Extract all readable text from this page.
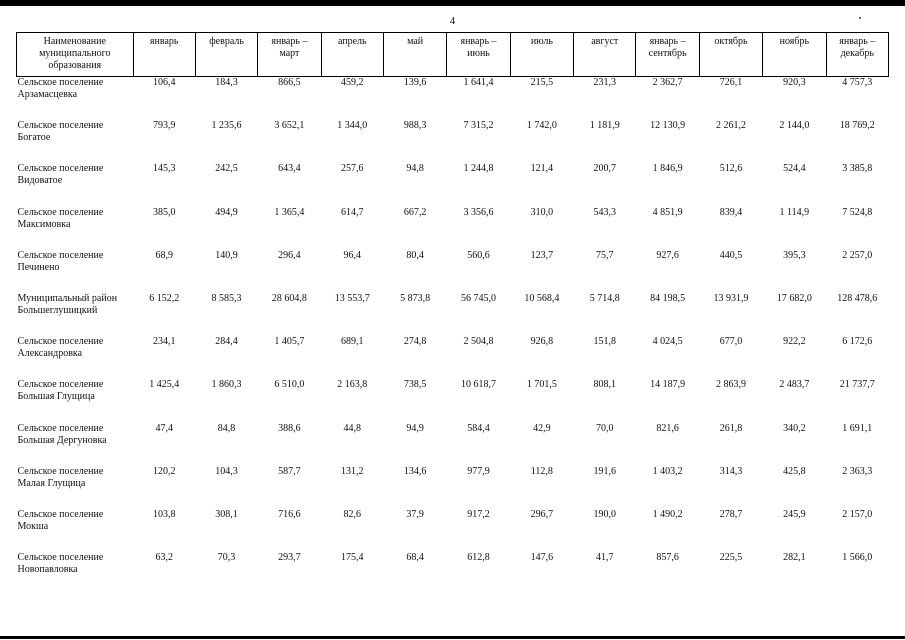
4
Наименование муниципального образования	январь	февраль	январь – март	апрель	май	январь – июнь	июль	август	январь – сентябрь	октябрь	ноябрь	январь – декабрь
Сельское поселение Арзамасцевка	106,4	184,3	866,5	459,2	139,6	1 641,4	215,5	231,3	2 362,7	726,1	920,3	4 757,3
Сельское поселение Богатое	793,9	1 235,6	3 652,1	1 344,0	988,3	7 315,2	1 742,0	1 181,9	12 130,9	2 261,2	2 144,0	18 769,2
Сельское поселение Видоватое	145,3	242,5	643,4	257,6	94,8	1 244,8	121,4	200,7	1 846,9	512,6	524,4	3 385,8
Сельское поселение Максимовка	385,0	494,9	1 365,4	614,7	667,2	3 356,6	310,0	543,3	4 851,9	839,4	1 114,9	7 524,8
Сельское поселение Печинено	68,9	140,9	296,4	96,4	80,4	560,6	123,7	75,7	927,6	440,5	395,3	2 257,0
Муниципальный район Большеглушицкий	6 152,2	8 585,3	28 604,8	13 553,7	5 873,8	56 745,0	10 568,4	5 714,8	84 198,5	13 931,9	17 682,0	128 478,6
Сельское поселение Александровка	234,1	284,4	1 405,7	689,1	274,8	2 504,8	926,8	151,8	4 024,5	677,0	922,2	6 172,6
Сельское поселение Большая Глущица	1 425,4	1 860,3	6 510,0	2 163,8	738,5	10 618,7	1 701,5	808,1	14 187,9	2 863,9	2 483,7	21 737,7
Сельское поселение Большая Дергуновка	47,4	84,8	388,6	44,8	94,9	584,4	42,9	70,0	821,6	261,8	340,2	1 691,1
Сельское поселение Малая Глущица	120,2	104,3	587,7	131,2	134,6	977,9	112,8	191,6	1 403,2	314,3	425,8	2 363,3
Сельское поселение Мокша	103,8	308,1	716,6	82,6	37,9	917,2	296,7	190,0	1 490,2	278,7	245,9	2 157,0
Сельское поселение Новопавловка	63,2	70,3	293,7	175,4	68,4	612,8	147,6	41,7	857,6	225,5	282,1	1 566,0
